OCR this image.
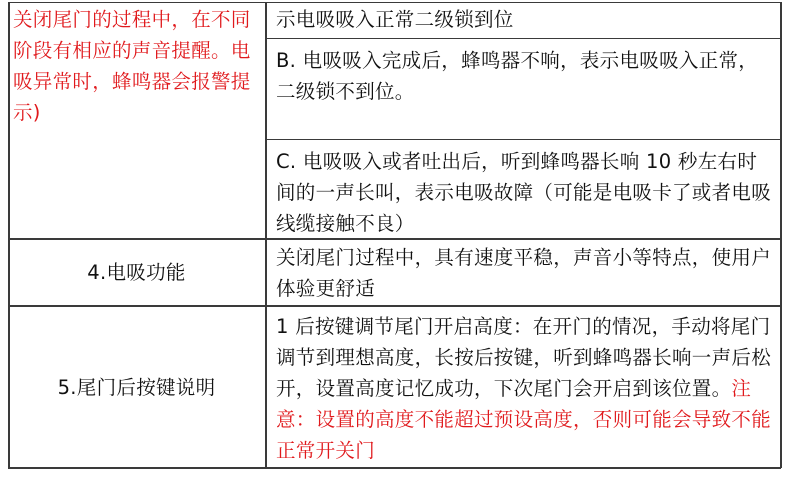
关闭尾门的过程中，在不同阶段有相应的声音提醒。电吸异常时，蜂鸣器会报警提示)
示电吸吸入正常二级锁到位
B. 电吸吸入完成后，蜂鸣器不响，表示电吸吸入正常，二级锁不到位。
C. 电吸吸入或者吐出后，听到蜂鸣器长响 10 秒左右时间的一声长叫，表示电吸故障（可能是电吸卡了或者电吸线缆接触不良）
4.电吸功能
关闭尾门过程中，具有速度平稳，声音小等特点，使用户体验更舒适
5.尾门后按键说明
1 后按键调节尾门开启高度：在开门的情况，手动将尾门调节到理想高度，长按后按键，听到蜂鸣器长响一声后松开，设置高度记忆成功，下次尾门会开启到该位置。注意：设置的高度不能超过预设高度，否则可能会导致不能正常开关门
